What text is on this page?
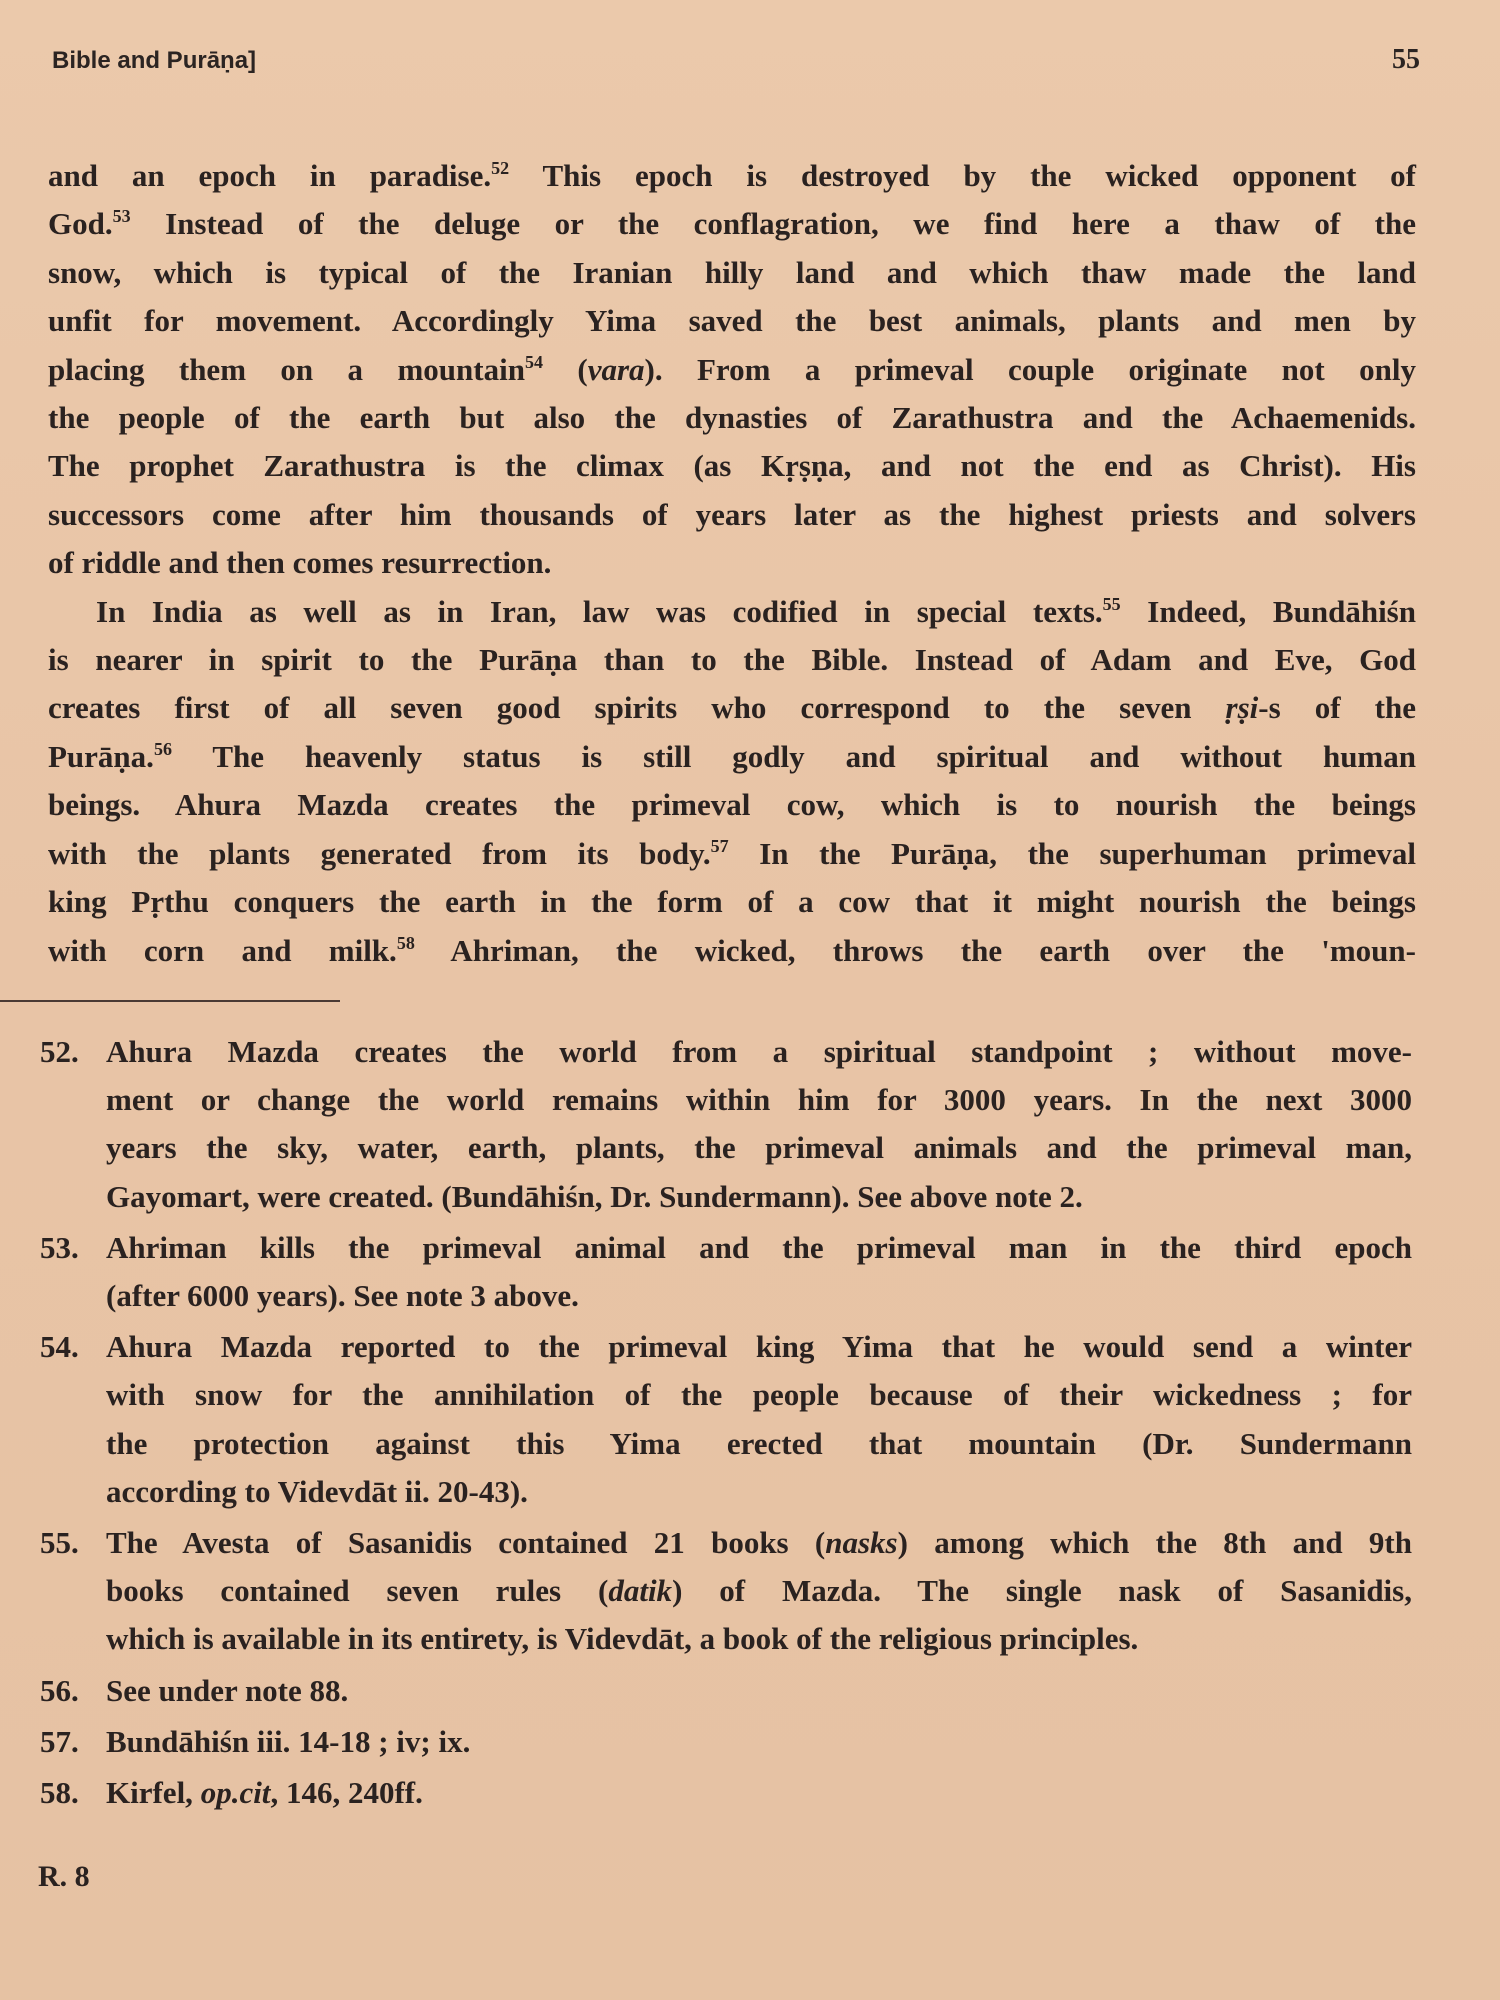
Bible and Purāṇa]	55

and an epoch in paradise.$^{52}$ This epoch is destroyed by the wicked opponent of
God.$^{53}$ Instead of the deluge or the conflagration, we find here a thaw of the
snow, which is typical of the Iranian hilly land and which thaw made the land
unfit for movement. Accordingly Yima saved the best animals, plants and men by
placing them on a mountain$^{54}$ (vara). From a primeval couple originate not only
the people of the earth but also the dynasties of Zarathustra and the Achaemenids.
The prophet Zarathustra is the climax (as Kṛṣṇa, and not the end as Christ). His
successors come after him thousands of years later as the highest priests and solvers
of riddle and then comes resurrection.

In India as well as in Iran, law was codified in special texts.$^{55}$ Indeed, Bundāhiśn
is nearer in spirit to the Purāṇa than to the Bible. Instead of Adam and Eve, God
creates first of all seven good spirits who correspond to the seven ṛṣi-s of the
Purāṇa.$^{56}$ The heavenly status is still godly and spiritual and without human
beings. Ahura Mazda creates the primeval cow, which is to nourish the beings
with the plants generated from its body.$^{57}$ In the Purāṇa, the superhuman primeval
king Pṛthu conquers the earth in the form of a cow that it might nourish the beings
with corn and milk.$^{58}$ Ahriman, the wicked, throws the earth over the 'moun-

52. Ahura Mazda creates the world from a spiritual standpoint ; without move-
ment or change the world remains within him for 3000 years. In the next 3000
years the sky, water, earth, plants, the primeval animals and the primeval man,
Gayomart, were created. (Bundāhiśn, Dr. Sundermann). See above note 2.
53. Ahriman kills the primeval animal and the primeval man in the third epoch
(after 6000 years). See note 3 above.
54. Ahura Mazda reported to the primeval king Yima that he would send a winter
with snow for the annihilation of the people because of their wickedness ; for
the protection against this Yima erected that mountain (Dr. Sundermann
according to Videvdāt ii. 20-43).
55. The Avesta of Sasanidis contained 21 books (nasks) among which the 8th and 9th
books contained seven rules (datik) of Mazda. The single nask of Sasanidis,
which is available in its entirety, is Videvdāt, a book of the religious principles.
56. See under note 88.
57. Bundāhiśn iii. 14-18 ; iv; ix.
58. Kirfel, op.cit, 146, 240ff.
R. 8
